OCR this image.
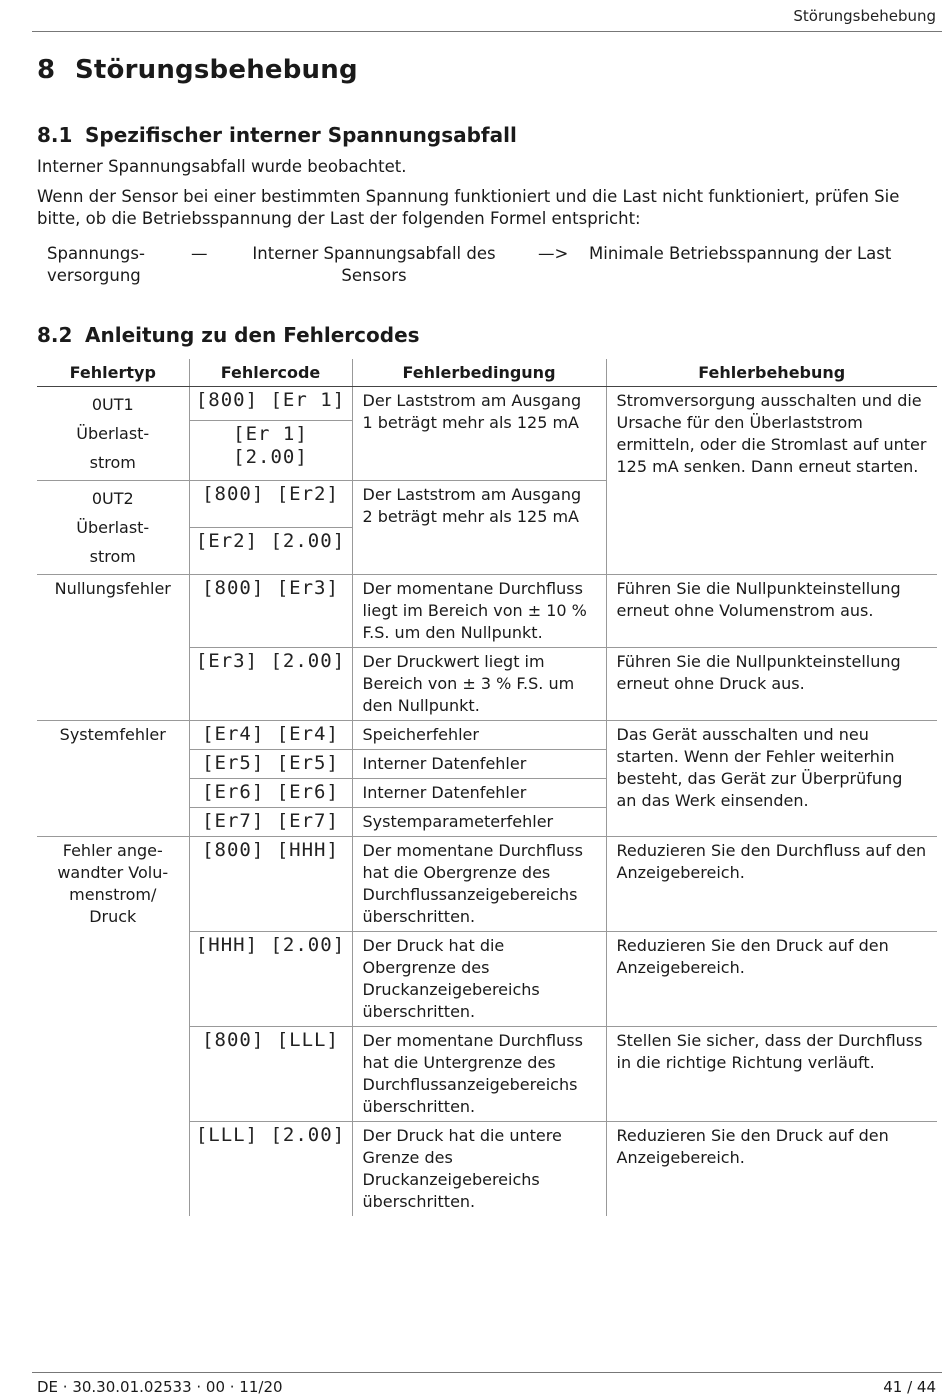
Störungsbehebung
8 Störungsbehebung
8.1 Spezifischer interner Spannungsabfall

Interner Spannungsabfall wurde beobachtet.

Wenn der Sensor bei einer bestimmten Spannung funktioniert und die Last nicht funktioniert, prüfen Sie bitte, ob die Betriebsspannung der Last der folgenden Formel entspricht:

Spannungs-
versorgung
—	Interner Spannungsabfall des
Sensors
—> Minimale Betriebsspannung der Last
8.2 Anleitung zu den Fehlercodes
Fehlertyp	Fehlercode	Fehlerbedingung	Fehlerbehebung

0UT1
Überlast-
strom	[800] [Er 1]	Der Laststrom am Ausgang 1 beträgt mehr als 125 mA	Stromversorgung ausschalten und die Ursache für den Überlaststrom ermitteln, oder die Stromlast auf unter 125 mA senken. Dann erneut starten.
	[Er 1] [2.00]		

0UT2
Überlast-
strom	[800] [Er2]	Der Laststrom am Ausgang 2 beträgt mehr als 125 mA	
	[Er2] [2.00]		
Nullungsfehler	[800] [Er3]	Der momentane Durchfluss liegt im Bereich von ± 10 % F.S. um den Nullpunkt.	Führen Sie die Nullpunkteinstellung erneut ohne Volumenstrom aus.
	[Er3] [2.00]	Der Druckwert liegt im Bereich von ± 3 % F.S. um den Nullpunkt.	Führen Sie die Nullpunkteinstellung erneut ohne Druck aus.
Systemfehler	[Er4] [Er4]	Speicherfehler	Das Gerät ausschalten und neu starten. Wenn der Fehler weiterhin besteht, das Gerät zur Überprüfung an das Werk einsenden.
	[Er5] [Er5]	Interner Datenfehler	
	[Er6] [Er6]	Interner Datenfehler	
	[Er7] [Er7]	Systemparameterfehler	

Fehler ange-
wandter Volu-
menstrom/
Druck	[800] [HHH]	Der momentane Durchfluss hat die Obergrenze des Durchflussanzeigebereichs überschritten.	Reduzieren Sie den Durchfluss auf den Anzeigebereich.
	[HHH] [2.00]	Der Druck hat die Obergrenze des Druckanzeigebereichs überschritten.	Reduzieren Sie den Druck auf den Anzeigebereich.
	[800] [LLL]	Der momentane Durchfluss hat die Untergrenze des Durchflussanzeigebereichs überschritten.	Stellen Sie sicher, dass der Durchfluss in die richtige Richtung verläuft.
	[LLL] [2.00]	Der Druck hat die untere Grenze des Druckanzeigebereichs überschritten.	Reduzieren Sie den Druck auf den Anzeigebereich.
DE · 30.30.01.02533 · 00 · 11/20	41 / 44
